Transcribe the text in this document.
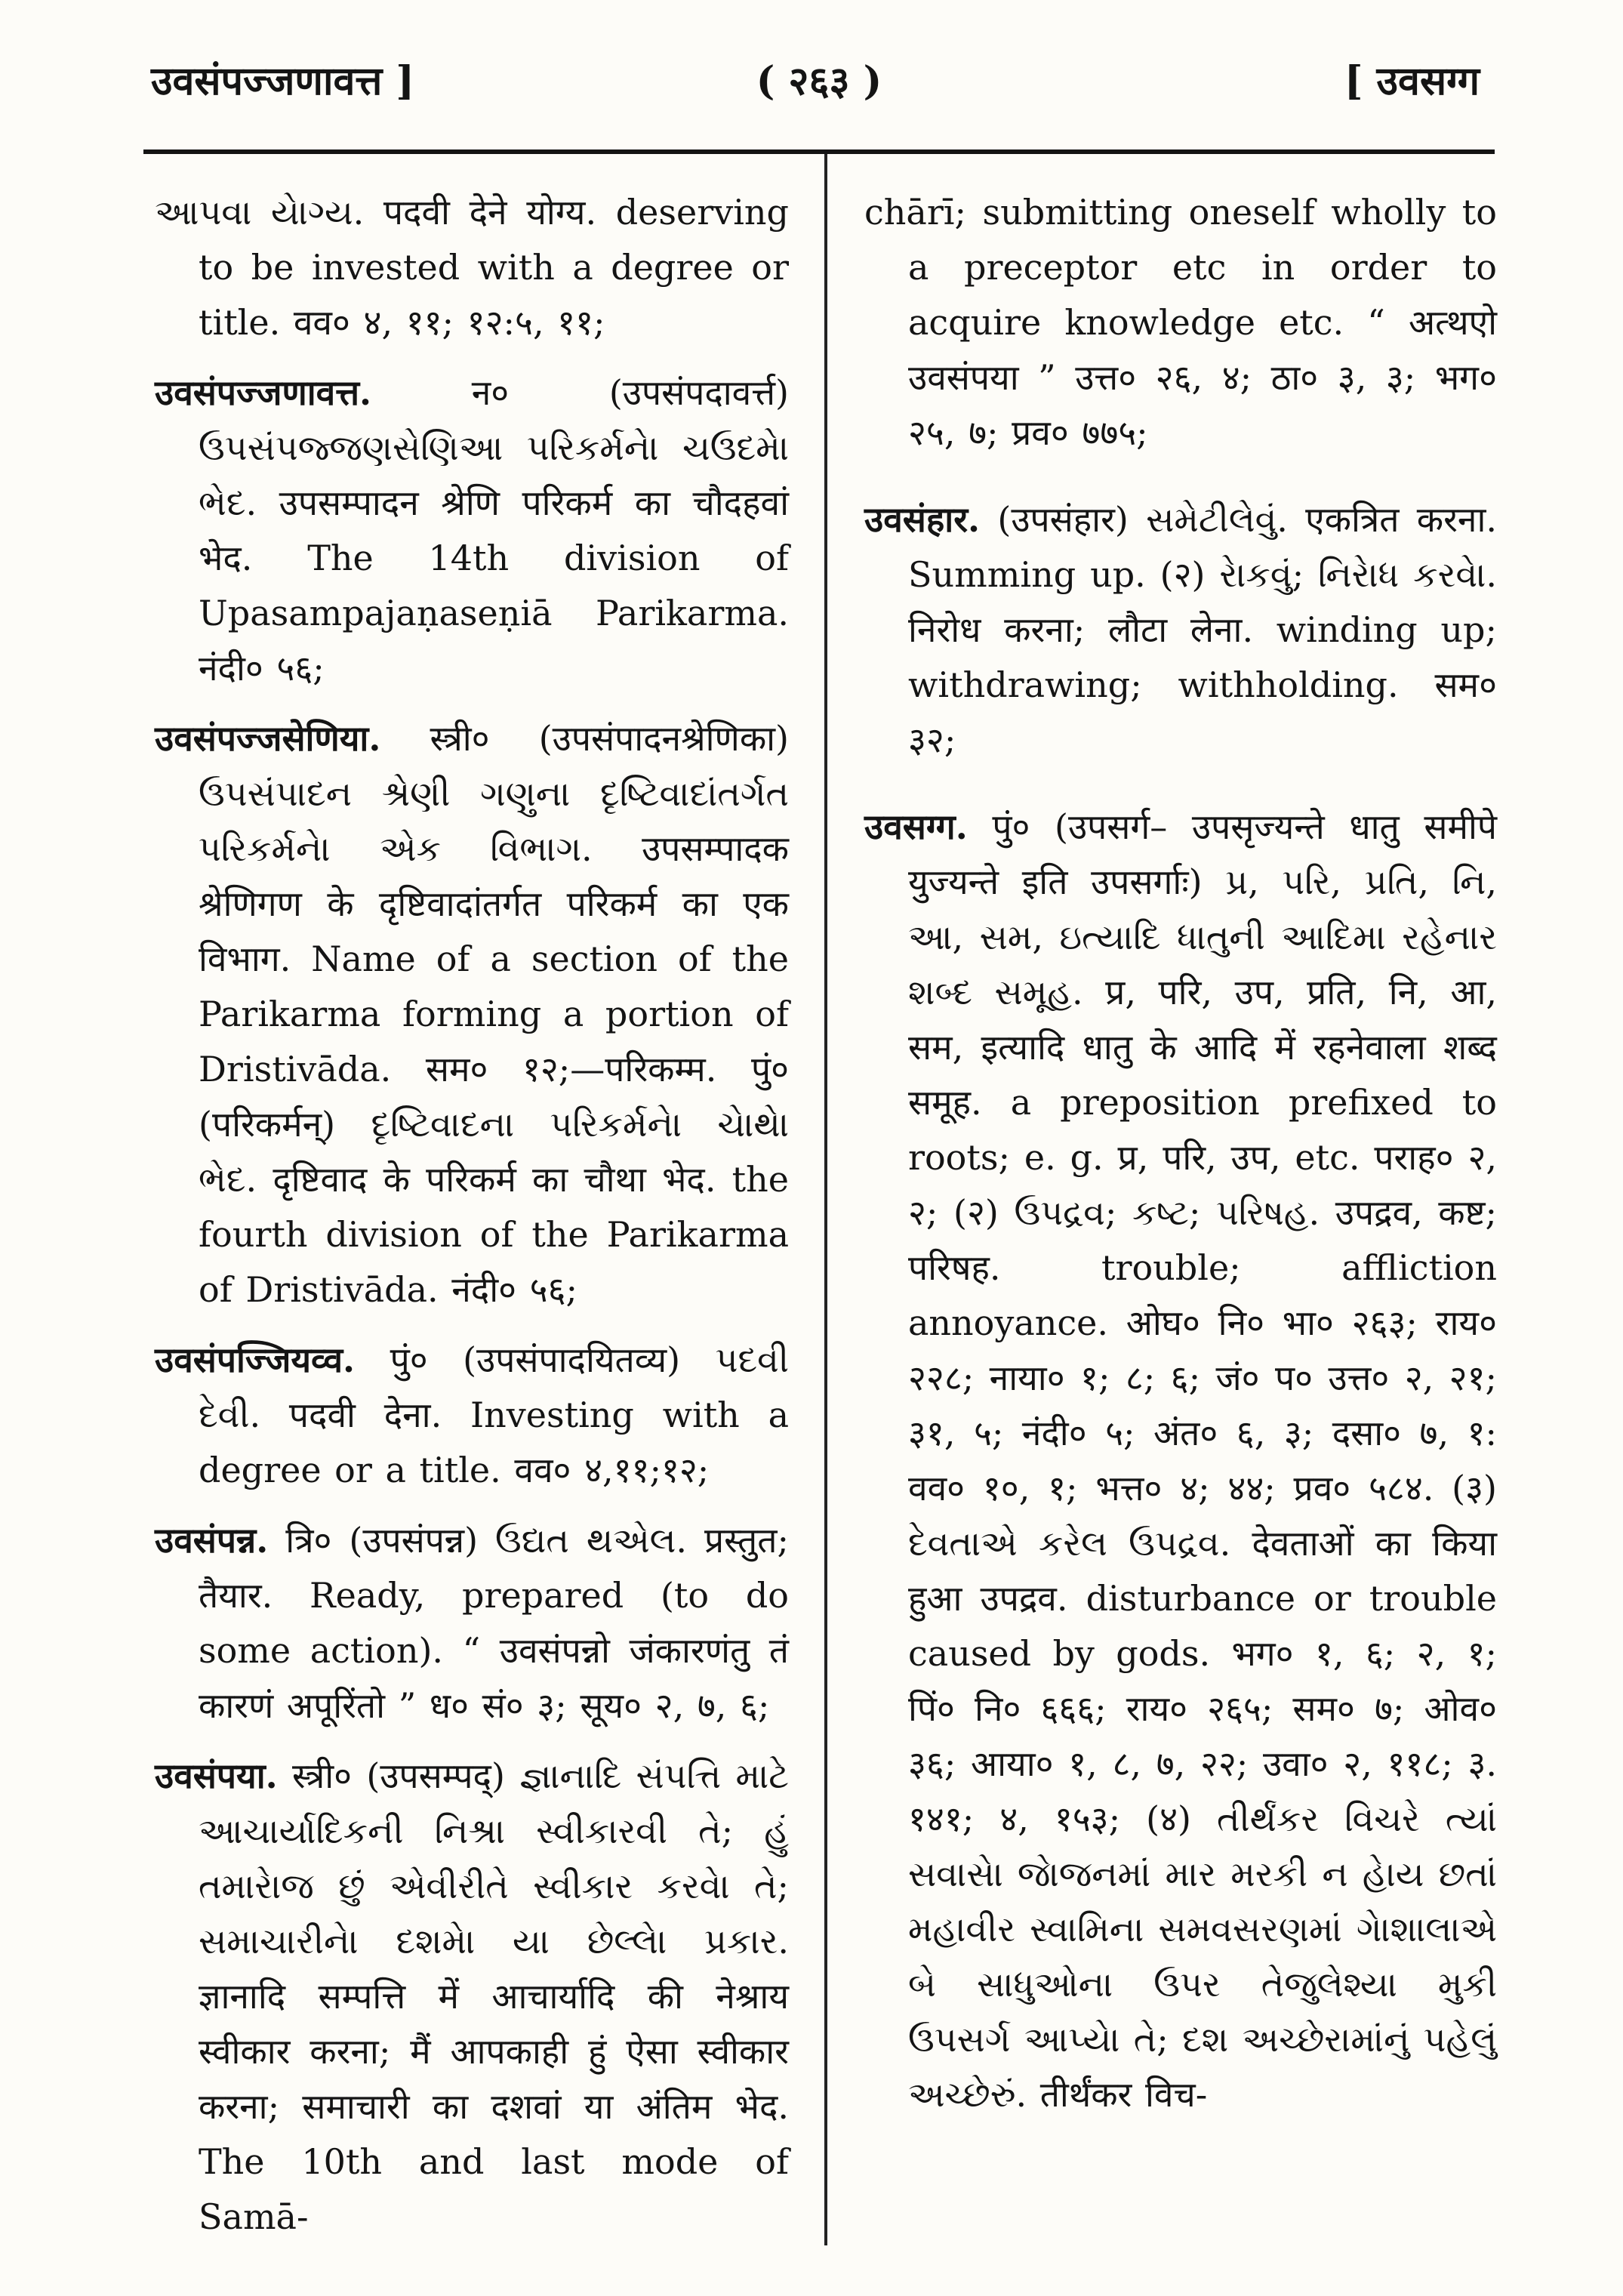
उवसंपज्जणावत्त ]	( २६३ )	[ उवसग्ग

આપવા યેાગ્ય. पदवी देने योग्य. deserving to be invested with a degree or title. वव० ४, ११; १२:५, ११;

उवसंपज्जणावत्त.	न० (उपसंपदावर्त्त) ઉપસંપજ્જણસેણિઆ પરિકર્મનેા ચઉદમેા ભેદ. उपसम्पादन श्रेणि परिकर्म का चौदहवां भेद. The 14th division of Upasampajaṇaseṇiā Parikarma. नंदी० ५६;

उवसंपज्जसेणिया. स्त्री० (उपसंपादनश्रेणिका) ઉપસંપાદન શ્રેણી ગણુના દૃષ્ટિવાદાંતર્ગત પરિકર્મનેા એક વિભાગ. उपसम्पादक श्रेणिगण के दृष्टिवादांतर्गत परिकर्म का एक विभाग. Name of a section of the Parikarma forming a portion of Dristivāda. सम० १२;—परिकम्म. पुं० (परिकर्मन्) દૃષ્ટિવાદના પરિકર્મનેા ચેાથેા ભેદ. दृष्टिवाद के परिकर्म का चौथा भेद. the fourth division of the Parikarma of Dristivāda. नंदी० ५६;

उवसंपज्जियव्व. पुं० (उपसंपादयितव्य) પદવી દેવી. पदवी देना. Investing with a degree or a title. वव० ४,११;१२;

उवसंपन्न. त्रि० (उपसंपन्न) ઉદ્યત થએલ. प्रस्तुत; तैयार. Ready, prepared (to do some action). “ उवसंपन्नो जंकारणंतु तं कारणं अपूरिंतो ” ध० सं० ३; सूय० २, ७, ६;

उवसंपया. स्त्री० (उपसम्पद्) જ્ઞાનાદિ સંપત્તિ માટે આચાર્યાદિકની નિશ્રા સ્વીકારવી તે; હું તમારેાજ છું એવીરીતે સ્વીકાર કરવેા તે; સમાચારીનેા દશમેા યા છેલ્લેા પ્રકાર. ज्ञानादि सम्पत्ति में आचार्यादि की नेश्राय स्वीकार करना; मैं आपकाही हुं ऐसा स्वीकार करना; समाचारी का दशवां या अंतिम भेद. The 10th and last mode of Samā-

chārī; submitting oneself wholly to a preceptor etc in order to acquire knowledge etc. “ अत्थएो उवसंपया ” उत्त० २६, ४; ठा० ३, ३; भग० २५, ७; प्रव० ७७५;

उवसंहार. (उपसंहार) સમેટીલેવું. एकत्रित करना. Summing up. (२) રેાકવું; નિરેાધ કરવેા. निरोध करना; लौटा लेना. winding up; withdrawing; withholding. सम० ३२;

उवसग्ग. पुं० (उपसर्ग– उपसृज्यन्ते धातु समीपे युज्यन्ते इति उपसर्गाः) પ્ર, પરિ, પ્રતિ, નિ, આ, સમ, ઇત્યાદિ ધાતુની આદિમા રહેનાર શબ્દ સમૂહ. प्र, परि, उप, प्रति, नि, आ, सम, इत्यादि धातु के आदि में रहनेवाला शब्द समूह. a preposition prefixed to roots; e. g. प्र, परि, उप, etc. पराह० २, २; (२) ઉપદ્રવ; કષ્ટ; પરિષહ. उपद्रव, कष्ट; परिषह. trouble; affliction annoyance. ओघ० नि० भा० २६३; राय० २२८; नाया० १; ८; ६; जं० प० उत्त० २, २१; ३१, ५; नंदी० ५; अंत० ६, ३; दसा० ७, १: वव० १०, १; भत्त० ४; ४४; प्रव० ५८४. (३) દેવતાએ કરેલ ઉપદ્રવ. देवताओं का किया हुआ उपद्रव. disturbance or trouble caused by gods. भग० १, ६; २, १; पिं० नि० ६६६; राय० २६५; सम० ७; ओव० ३६; आया० १, ८, ७, २२; उवा० २, ११८; ३. १४१; ४, १५३; (४) તીર્થંકર વિચરે ત્યાં સવાસેા જેાજનમાં માર મરકી ન હેાય છતાં મહાવીર સ્વામિના સમવસરણમાં ગેાશાલાએ બે સાધુઓના ઉપર તેજુલેશ્યા મુકી ઉપસર્ગ આપ્યેા તે; દશ અચ્છેરામાંનું પહેલું અચ્છેરું. तीर्थंकर विच-
